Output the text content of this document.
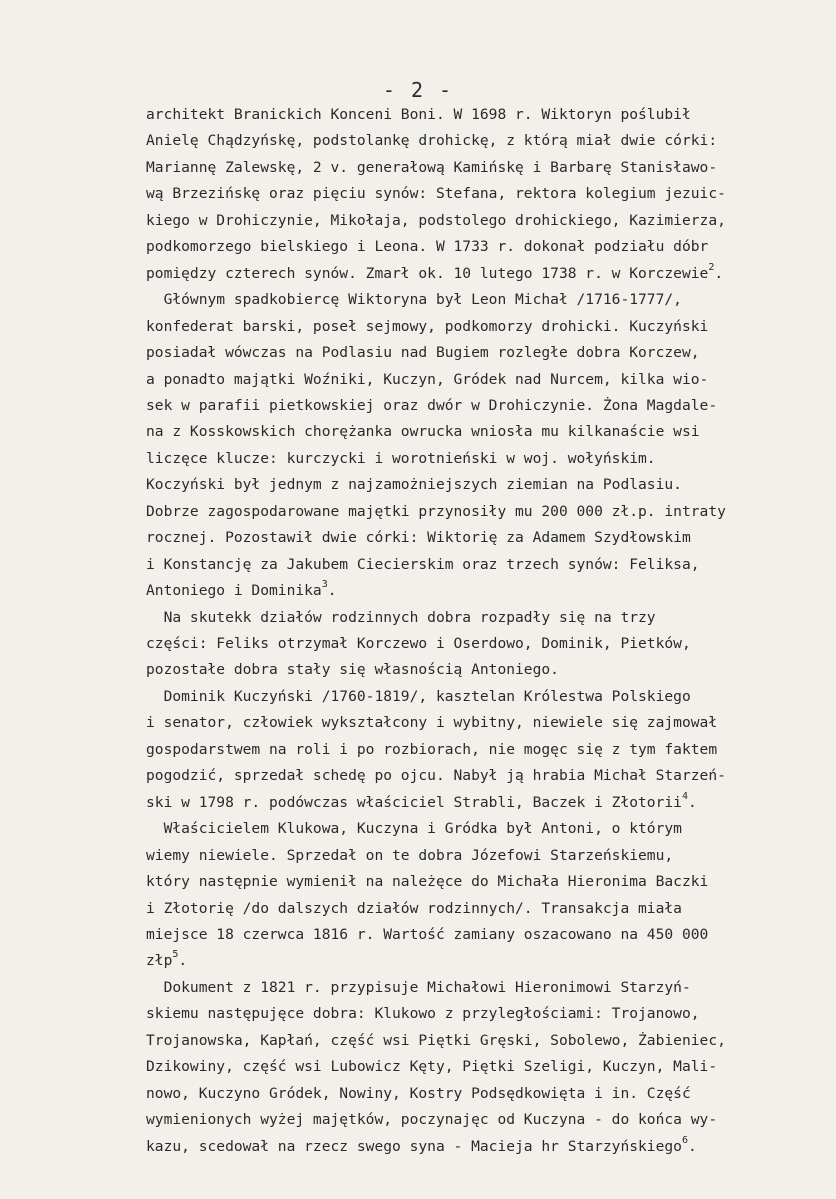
- 2 -
architekt Branickich Konceni Boni. W 1698 r. Wiktoryn poślubił
Anielę Chądzyńskę, podstolankę drohickę, z którą miał dwie córki:
Mariannę Zalewskę, 2 v. generałową Kamińskę i Barbarę Stanisławo-
wą Brzezińskę oraz pięciu synów: Stefana, rektora kolegium jezuic-
kiego w Drohiczynie, Mikołaja, podstolego drohickiego, Kazimierza,
podkomorzego bielskiego i Leona. W 1733 r. dokonał podziału dóbr
pomiędzy czterech synów. Zmarł ok. 10 lutego 1738 r. w Korczewie$^2$.
Głównym spadkobiercę Wiktoryna był Leon Michał /1716-1777/,
konfederat barski, poseł sejmowy, podkomorzy drohicki. Kuczyński
posiadał wówczas na Podlasiu nad Bugiem rozległe dobra Korczew,
a ponadto majątki Woźniki, Kuczyn, Gródek nad Nurcem, kilka wio-
sek w parafii pietkowskiej oraz dwór w Drohiczynie. Żona Magdale-
na z Kosskowskich chorężanka owrucka wniosła mu kilkanaście wsi
liczęce klucze: kurczycki i worotnieński w woj. wołyńskim.
Koczyński był jednym z najzamożniejszych ziemian na Podlasiu.
Dobrze zagospodarowane majętki przynosiły mu 200 000 zł.p. intraty
rocznej. Pozostawił dwie córki: Wiktorię za Adamem Szydłowskim
i Konstancję za Jakubem Ciecierskim oraz trzech synów: Feliksa,
Antoniego i Dominika$^3$.
Na skutekk działów rodzinnych dobra rozpadły się na trzy
części: Feliks otrzymał Korczewo i Oserdowo, Dominik, Pietków,
pozostałe dobra stały się własnością Antoniego.
Dominik Kuczyński /1760-1819/, kasztelan Królestwa Polskiego
i senator, człowiek wykształcony i wybitny, niewiele się zajmował
gospodarstwem na roli i po rozbiorach, nie mogęc się z tym faktem
pogodzić, sprzedał schedę po ojcu. Nabył ją hrabia Michał Starzeń-
ski w 1798 r. podówczas właściciel Strabli, Baczek i Złotorii$^4$.
Właścicielem Klukowa, Kuczyna i Gródka był Antoni, o którym
wiemy niewiele. Sprzedał on te dobra Józefowi Starzeńskiemu,
który następnie wymienił na należęce do Michała Hieronima Baczki
i Złotorię /do dalszych działów rodzinnych/. Transakcja miała
miejsce 18 czerwca 1816 r. Wartość zamiany oszacowano na 450 000
złp$^5$.
Dokument z 1821 r. przypisuje Michałowi Hieronimowi Starzyń-
skiemu następujęce dobra: Klukowo z przyległościami: Trojanowo,
Trojanowska, Kapłań, część wsi Piętki Gręski, Sobolewo, Żabieniec,
Dzikowiny, część wsi Lubowicz Kęty, Piętki Szeligi, Kuczyn, Mali-
nowo, Kuczyno Gródek, Nowiny, Kostry Podsędkowięta i in. Część
wymienionych wyżej majętków, poczynajęc od Kuczyna - do końca wy-
kazu, scedował na rzecz swego syna - Macieja hr Starzyńskiego$^6$.
